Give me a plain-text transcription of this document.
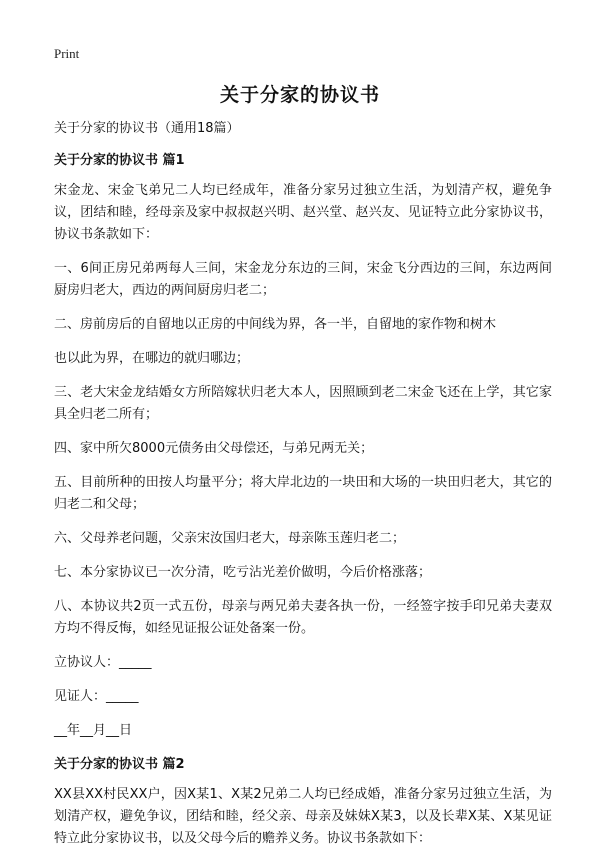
Print
关于分家的协议书

关于分家的协议书（通用18篇）

关于分家的协议书 篇1

宋金龙、宋金飞弟兄二人均已经成年，准备分家另过独立生活，为划清产权，避免争议，团结和睦，经母亲及家中叔叔赵兴明、赵兴堂、赵兴友、见证特立此分家协议书，协议书条款如下：

一、6间正房兄弟两每人三间，宋金龙分东边的三间，宋金飞分西边的三间，东边两间厨房归老大，西边的两间厨房归老二；

二、房前房后的自留地以正房的中间线为界，各一半，自留地的家作物和树木

也以此为界，在哪边的就归哪边；

三、老大宋金龙结婚女方所陪嫁状归老大本人，因照顾到老二宋金飞还在上学，其它家具全归老二所有；

四、家中所欠8000元债务由父母偿还，与弟兄两无关；

五、目前所种的田按人均量平分；将大岸北边的一块田和大场的一块田归老大，其它的归老二和父母；

六、父母养老问题，父亲宋汝国归老大，母亲陈玉莲归老二；

七、本分家协议已一次分清，吃亏沾光差价做明，今后价格涨落；

八、本协议共2页一式五份，母亲与两兄弟夫妻各执一份，一经签字按手印兄弟夫妻双方均不得反悔，如经见证报公证处备案一份。

立协议人：_____

见证人：_____

__年__月__日

关于分家的协议书 篇2

XX县XX村民XX户，因X某1、X某2兄弟二人均已经成婚，准备分家另过独立生活，为划清产权，避免争议，团结和睦，经父亲、母亲及妹妹X某3，以及长辈X某、X某见证特立此分家协议书，以及父母今后的赡养义务。协议书条款如下：
